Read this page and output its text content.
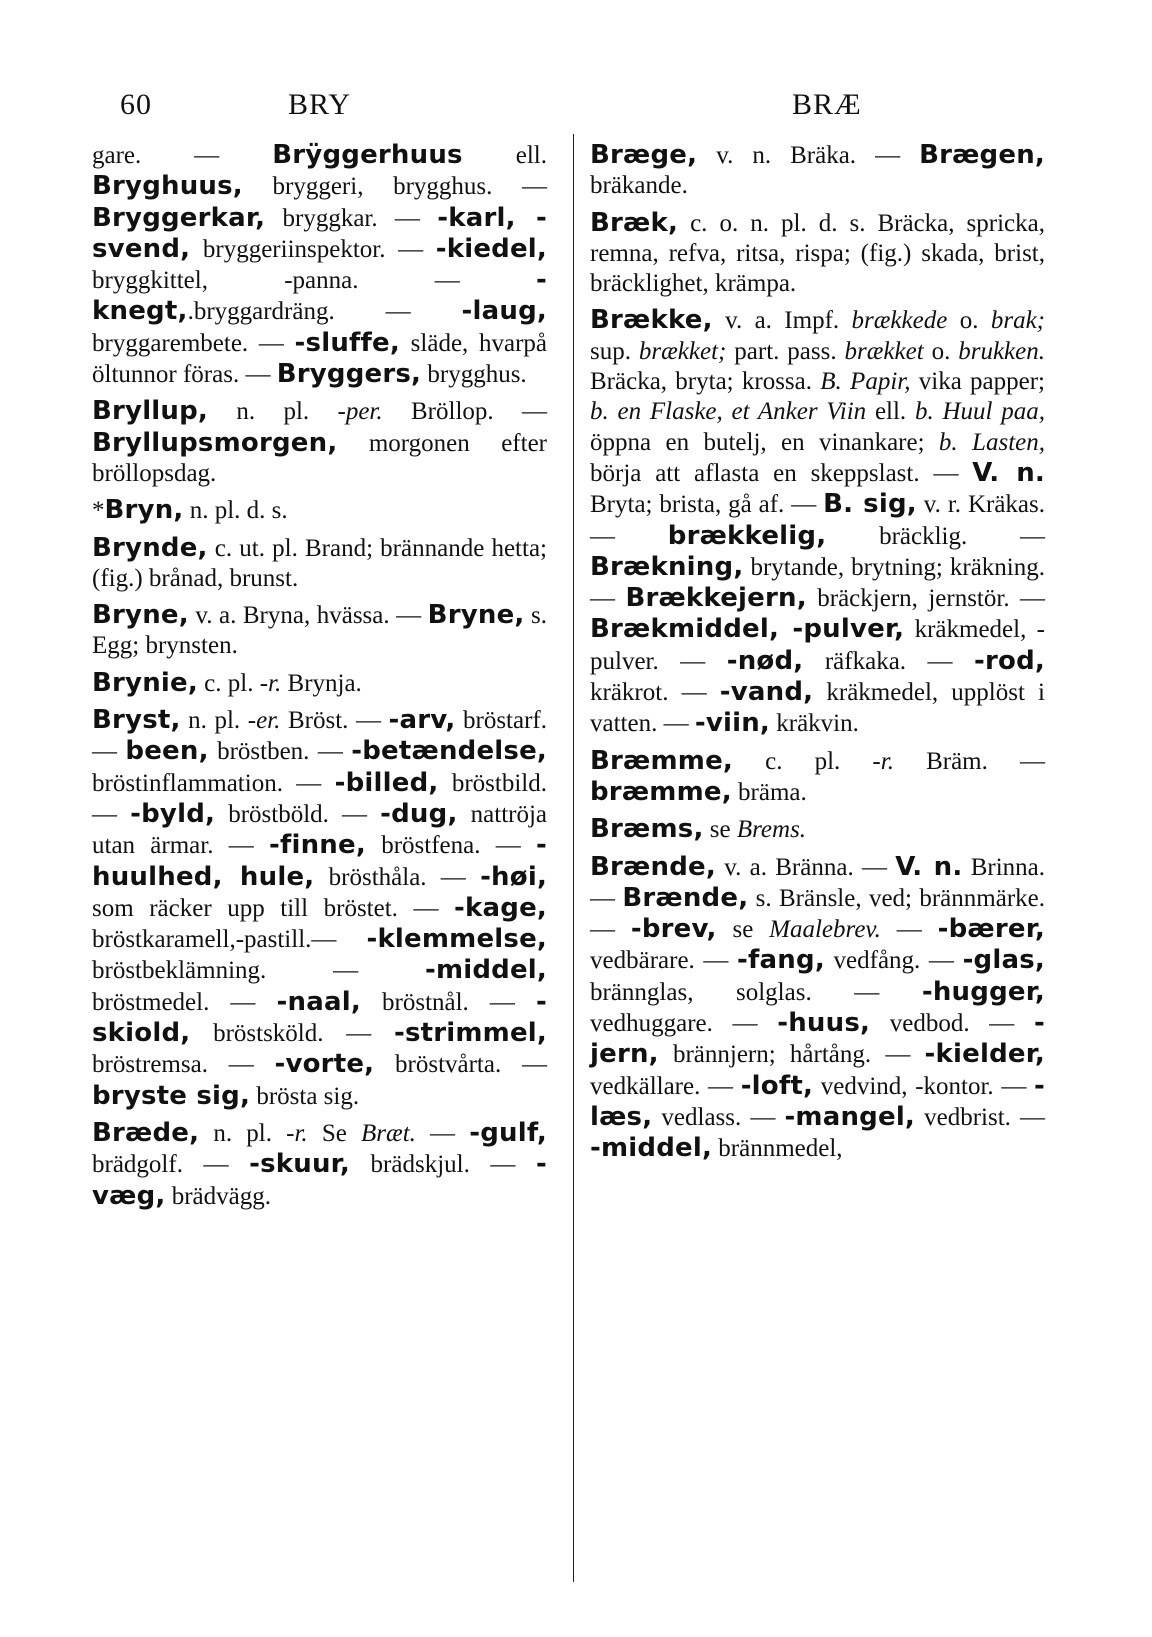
60	BRY	BRÆ

gare. — Brÿggerhuus ell. Bryghuus, bryggeri, brygghus. — Bryggerkar, bryggkar. — -karl, -svend, bryggeriinspektor. — -kiedel, bryggkittel, -panna. — -knegt,.bryggardräng. — -laug, bryggarembete. — -sluffe, släde, hvarpå öltunnor föras. — Bryggers, brygghus.

Bryllup, n. pl. -per. Bröllop. — Bryllupsmorgen, morgonen efter bröllopsdag.

*Bryn, n. pl. d. s.

Brynde, c. ut. pl. Brand; brännande hetta; (fig.) brånad, brunst.

Bryne, v. a. Bryna, hvässa. — Bryne, s. Egg; brynsten.

Brynie, c. pl. -r. Brynja.

Bryst, n. pl. -er. Bröst. — -arv, bröstarf. — been, bröstben. — -betændelse, bröstinflammation. — -billed, bröstbild. — -byld, bröstböld. — -dug, nattröja utan ärmar. — -finne, bröstfena. — -huulhed, hule, brösthåla. — -høi, som räcker upp till bröstet. — -kage, bröstkaramell,-pastill.— -klemmelse, bröstbeklämning. — -middel, bröstmedel. — -naal, bröstnål. — -skiold, bröstsköld. — -strimmel, bröstremsa. — -vorte, bröstvårta. — bryste sig, brösta sig.

Bræde, n. pl. -r. Se Bræt. — -gulf, brädgolf. — -skuur, brädskjul. — -væg, brädvägg.

Bræge, v. n. Bräka. — Brægen, bräkande.

Bræk, c. o. n. pl. d. s. Bräcka, spricka, remna, refva, ritsa, rispa; (fig.) skada, brist, bräcklighet, krämpa.

Brække, v. a. Impf. brækkede o. brak; sup. brækket; part. pass. brækket o. brukken. Bräcka, bryta; krossa. B. Papir, vika papper; b. en Flaske, et Anker Viin ell. b. Huul paa, öppna en butelj, en vinankare; b. Lasten, börja att aflasta en skeppslast. — V. n. Bryta; brista, gå af. — B. sig, v. r. Kräkas. — brækkelig, bräcklig. — Brækning, brytande, brytning; kräkning. — Brækkejern, bräckjern, jernstör. — Brækmiddel, -pulver, kräkmedel, -pulver. — -nød, räfkaka. — -rod, kräkrot. — -vand, kräkmedel, upplöst i vatten. — -viin, kräkvin.

Bræmme, c. pl. -r. Bräm. — bræmme, bräma.

Bræms, se Brems.

Brænde, v. a. Bränna. — V. n. Brinna. — Brænde, s. Bränsle, ved; brännmärke. — -brev, se Maalebrev. — -bærer, vedbärare. — -fang, vedfång. — -glas, brännglas, solglas. — -hugger, vedhuggare. — -huus, vedbod. — -jern, brännjern; hårtång. — -kielder, vedkällare. — -loft, vedvind, -kontor. — -læs, vedlass. — -mangel, vedbrist. — -middel, brännmedel,
